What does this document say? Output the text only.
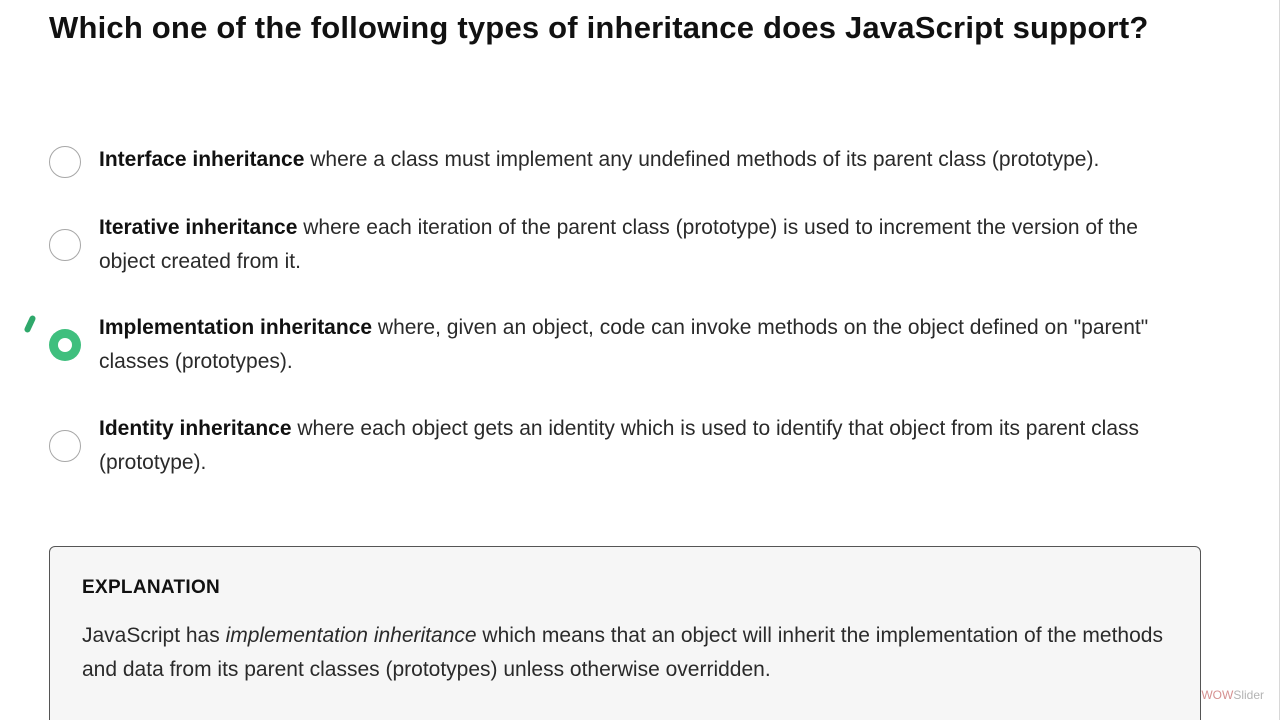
Which one of the following types of inheritance does JavaScript support?

Interface inheritance where a class must implement any undefined methods of its parent class (prototype).

Iterative inheritance where each iteration of the parent class (prototype) is used to increment the version of the object created from it.

Implementation inheritance where, given an object, code can invoke methods on the object defined on "parent" classes (prototypes).

Identity inheritance where each object gets an identity which is used to identify that object from its parent class (prototype).

EXPLANATION

JavaScript has implementation inheritance which means that an object will inherit the implementation of the methods and data from its parent classes (prototypes) unless otherwise overridden.

WOWSlider
